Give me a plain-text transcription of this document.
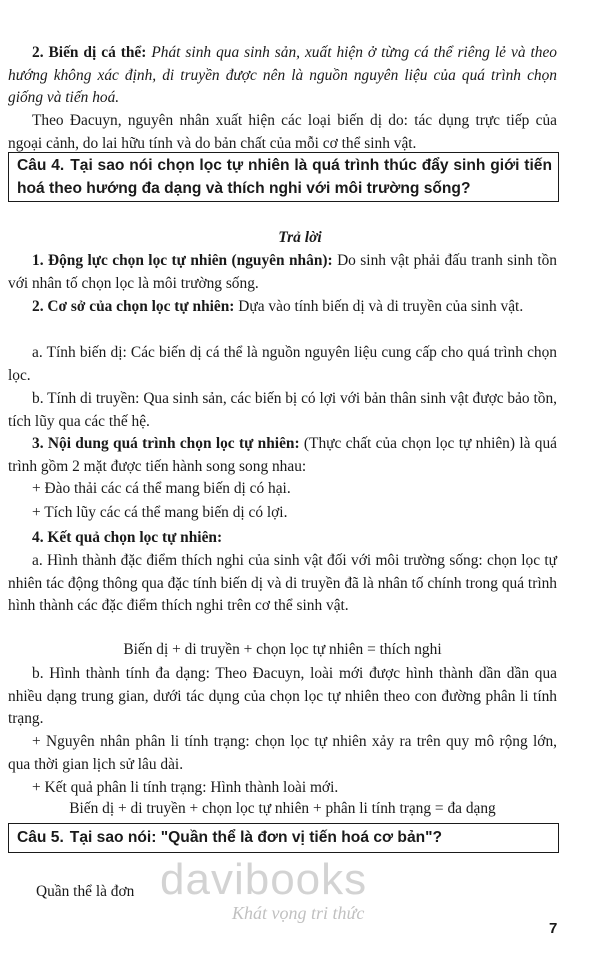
2. Biến dị cá thể: Phát sinh qua sinh sản, xuất hiện ở từng cá thể riêng lẻ và theo hướng không xác định, di truyền được nên là nguồn nguyên liệu của quá trình chọn giống và tiến hoá.

Theo Đacuyn, nguyên nhân xuất hiện các loại biến dị do: tác dụng trực tiếp của ngoại cảnh, do lai hữu tính và do bản chất của mỗi cơ thể sinh vật.

Câu 4. Tại sao nói chọn lọc tự nhiên là quá trình thúc đẩy sinh giới tiến hoá theo hướng đa dạng và thích nghi với môi trường sống?
Trả lời

1. Động lực chọn lọc tự nhiên (nguyên nhân): Do sinh vật phải đấu tranh sinh tồn với nhân tố chọn lọc là môi trường sống.

2. Cơ sở của chọn lọc tự nhiên: Dựa vào tính biến dị và di truyền của sinh vật.

a. Tính biến dị: Các biến dị cá thể là nguồn nguyên liệu cung cấp cho quá trình chọn lọc.

b. Tính di truyền: Qua sinh sản, các biến bị có lợi với bản thân sinh vật được bảo tồn, tích lũy qua các thế hệ.

3. Nội dung quá trình chọn lọc tự nhiên: (Thực chất của chọn lọc tự nhiên) là quá trình gồm 2 mặt được tiến hành song song nhau:

+ Đào thải các cá thể mang biến dị có hại.

+ Tích lũy các cá thể mang biến dị có lợi.

4. Kết quả chọn lọc tự nhiên:

a. Hình thành đặc điểm thích nghi của sinh vật đối với môi trường sống: chọn lọc tự nhiên tác động thông qua đặc tính biến dị và di truyền đã là nhân tố chính trong quá trình hình thành các đặc điểm thích nghi trên cơ thể sinh vật.

Biến dị + di truyền + chọn lọc tự nhiên = thích nghi

b. Hình thành tính đa dạng: Theo Đacuyn, loài mới được hình thành dần dần qua nhiều dạng trung gian, dưới tác dụng của chọn lọc tự nhiên theo con đường phân li tính trạng.

+ Nguyên nhân phân li tính trạng: chọn lọc tự nhiên xảy ra trên quy mô rộng lớn, qua thời gian lịch sử lâu dài.

+ Kết quả phân li tính trạng: Hình thành loài mới.

Biến dị + di truyền + chọn lọc tự nhiên + phân li tính trạng = đa dạng
Câu 5. Tại sao nói: "Quần thể là đơn vị tiến hoá cơ bản"?
Quần thể là đơn davibooks
Khát vọng tri thức
7
